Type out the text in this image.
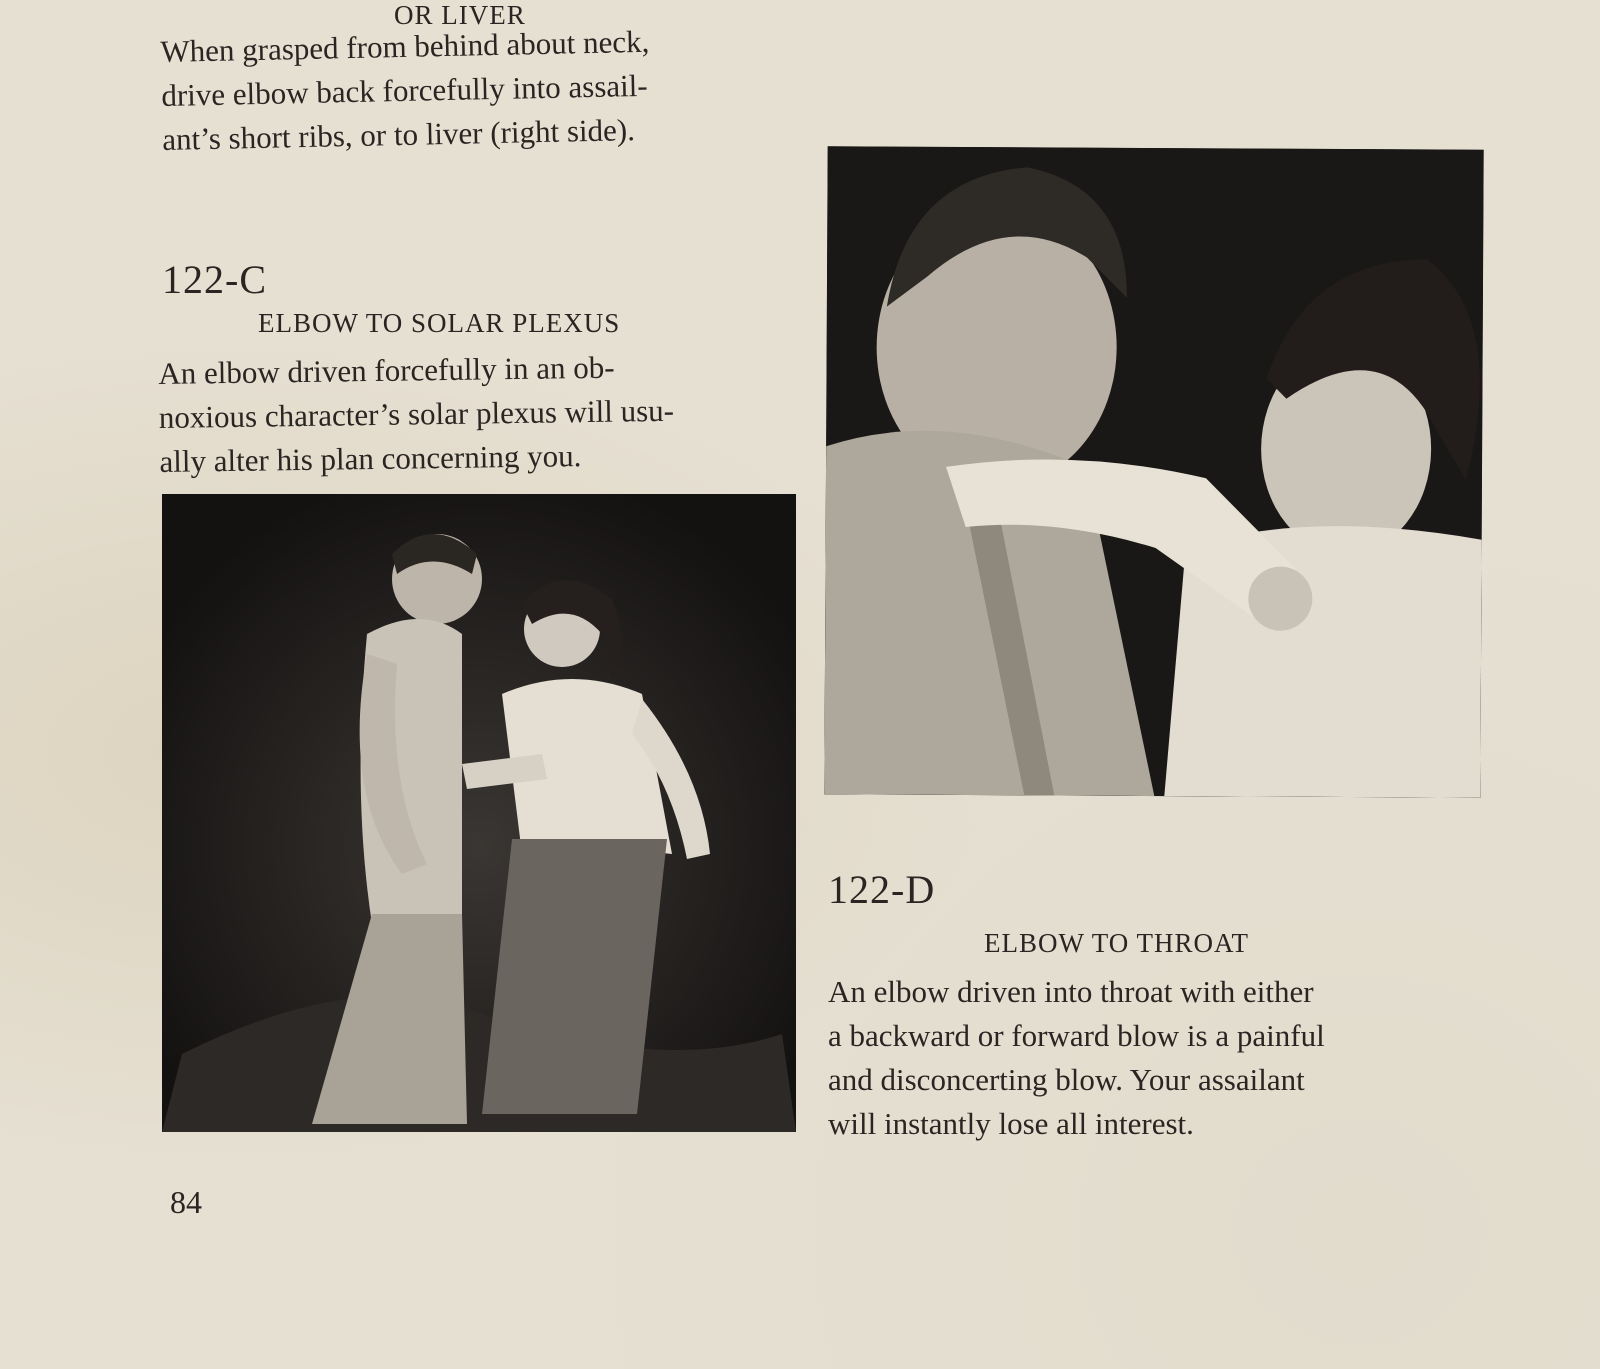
OR LIVER
When grasped from behind about neck,
drive elbow back forcefully into assail-
ant’s short ribs, or to liver (right side).
122-C
ELBOW TO SOLAR PLEXUS
An elbow driven forcefully in an ob-
noxious character’s solar plexus will usu-
ally alter his plan concerning you.
122-D
ELBOW TO THROAT
An elbow driven into throat with either
a backward or forward blow is a painful
and disconcerting blow. Your assailant
will instantly lose all interest.
84
